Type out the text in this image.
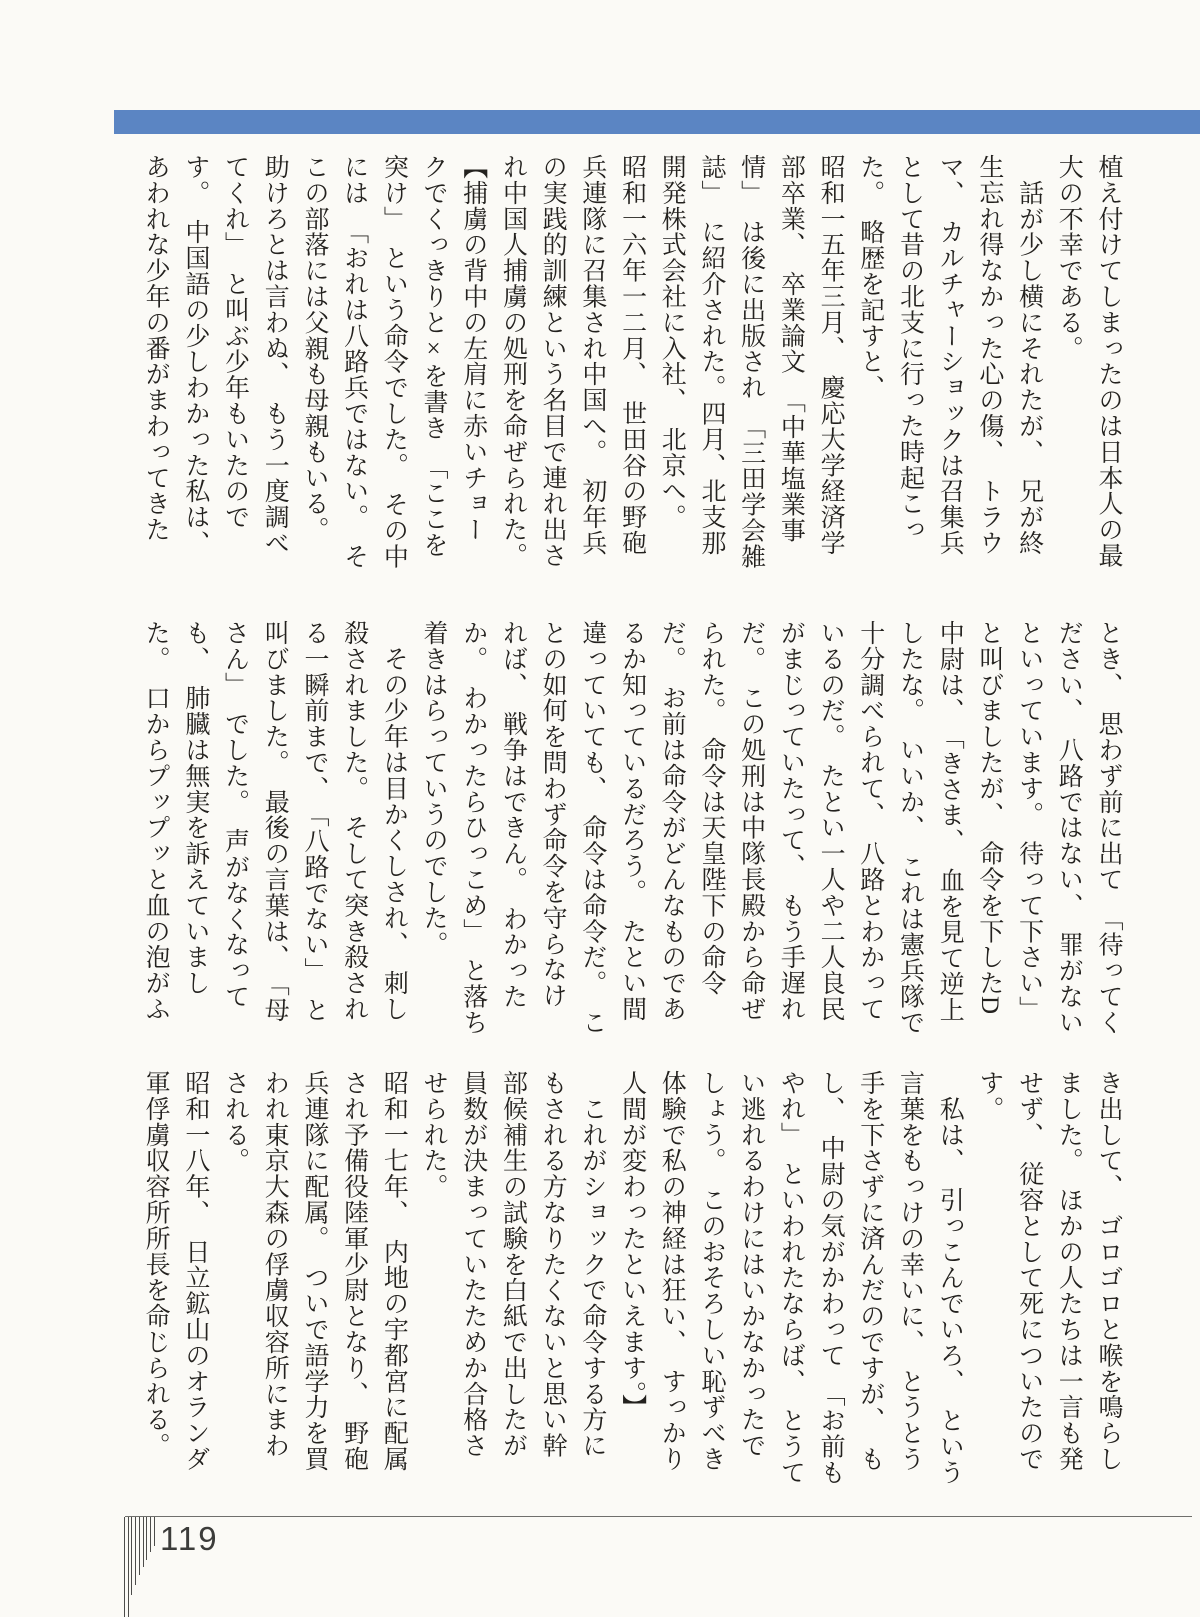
植え付けてしまったのは日本人の最
大の不幸である。
　話が少し横にそれたが、　兄が終
生忘れ得なかった心の傷、　トラウ
マ、　カルチャーショックは召集兵
として昔の北支に行った時起こっ
た。　略歴を記すと、
昭和一五年三月、　慶応大学経済学
部卒業、　卒業論文　「中華塩業事
情」　は後に出版され　「三田学会雑
誌」　に紹介された。四月、北支那
開発株式会社に入社、　北京へ。
昭和一六年一二月、　世田谷の野砲
兵連隊に召集され中国へ。　初年兵
の実践的訓練という名目で連れ出さ
れ中国人捕虜の処刑を命ぜられた。
【捕虜の背中の左肩に赤いチョー
クでくっきりと×を書き　「ここを
突け」　という命令でした。　その中
には　「おれは八路兵ではない。　そ
この部落には父親も母親もいる。
助けろとは言わぬ、　もう一度調べ
てくれ」　と叫ぶ少年もいたので
す。　中国語の少しわかった私は、
あわれな少年の番がまわってきた
とき、　思わず前に出て　「待ってく
ださい、　八路ではない、　罪がない
といっています。　待って下さい」
と叫びましたが、　命令を下したD
中尉は、　「きさま、　血を見て逆上
したな。　いいか、　これは憲兵隊で
十分調べられて、　八路とわかって
いるのだ。　たとい一人や二人良民
がまじっていたって、　もう手遅れ
だ。　この処刑は中隊長殿から命ぜ
られた。　命令は天皇陛下の命令
だ。　お前は命令がどんなものであ
るか知っているだろう。　たとい間
違っていても、　命令は命令だ。　こ
との如何を問わず命令を守らなけ
れば、　戦争はできん。　わかった
か。　わかったらひっこめ」　と落ち
着きはらっていうのでした。
　その少年は目かくしされ、　刺し
殺されました。　そして突き殺され
る一瞬前まで、　「八路でない」　と
叫びました。　最後の言葉は、　「母
さん」　でした。　声がなくなって
も、　肺臓は無実を訴えていまし
た。　口からプップッと血の泡がふ
き出して、　ゴロゴロと喉を鳴らし
ました。　ほかの人たちは一言も発
せず、　従容として死についたので
す。
　私は、　引っこんでいろ、　という
言葉をもっけの幸いに、　とうとう
手を下さずに済んだのですが、　も
し、　中尉の気がかわって　「お前も
やれ」　といわれたならば、　とうて
い逃れるわけにはいかなかったで
しょう。　このおそろしい恥ずべき
体験で私の神経は狂い、　すっかり
人間が変わったといえます。】
　これがショックで命令する方に
もされる方なりたくないと思い幹
部候補生の試験を白紙で出したが
員数が決まっていたためか合格さ
せられた。
昭和一七年、　内地の宇都宮に配属
され予備役陸軍少尉となり、　野砲
兵連隊に配属。　ついで語学力を買
われ東京大森の俘虜収容所にまわ
される。
昭和一八年、　日立鉱山のオランダ
軍俘虜収容所所長を命じられる。
119
